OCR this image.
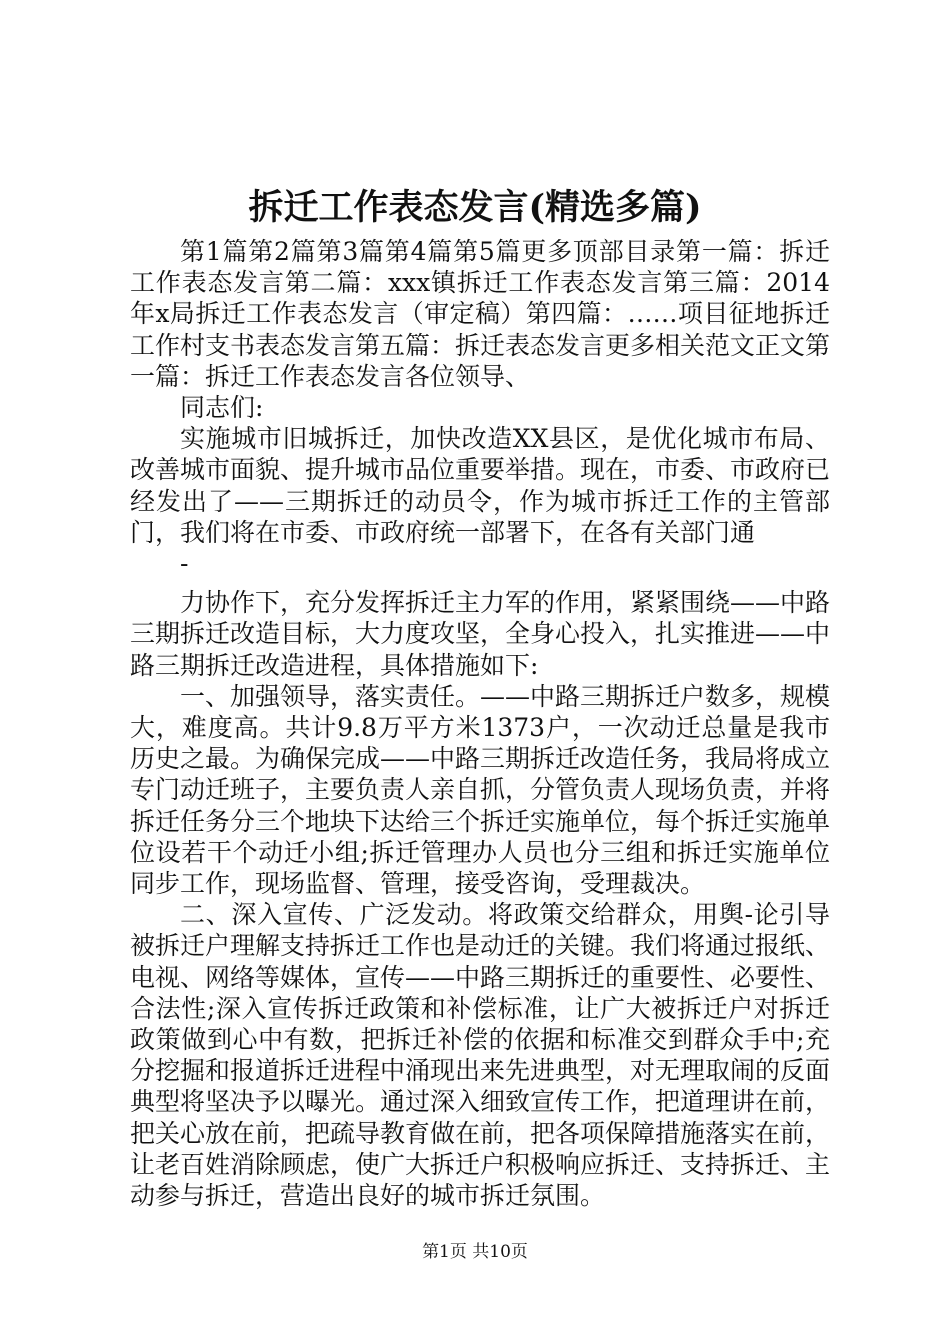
拆迁工作表态发言(精选多篇)

第1篇第2篇第3篇第4篇第5篇更多顶部目录第一篇：拆迁工作表态发言第二篇：xxx镇拆迁工作表态发言第三篇：2014年x局拆迁工作表态发言（审定稿）第四篇：……项目征地拆迁工作村支书表态发言第五篇：拆迁表态发言更多相关范文正文第一篇：拆迁工作表态发言各位领导、

同志们:

实施城市旧城拆迁，加快改造XX县区，是优化城市布局、改善城市面貌、提升城市品位重要举措。现在，市委、市政府已经发出了——三期拆迁的动员令，作为城市拆迁工作的主管部门，我们将在市委、市政府统一部署下，在各有关部门通

-

力协作下，充分发挥拆迁主力军的作用，紧紧围绕——中路三期拆迁改造目标，大力度攻坚，全身心投入，扎实推进——中路三期拆迁改造进程，具体措施如下:

一、加强领导，落实责任。——中路三期拆迁户数多，规模大，难度高。共计9.8万平方米1373户，一次动迁总量是我市历史之最。为确保完成——中路三期拆迁改造任务，我局将成立专门动迁班子，主要负责人亲自抓，分管负责人现场负责，并将拆迁任务分三个地块下达给三个拆迁实施单位，每个拆迁实施单位设若干个动迁小组;拆迁管理办人员也分三组和拆迁实施单位同步工作，现场监督、管理，接受咨询，受理裁决。

二、深入宣传、广泛发动。将政策交给群众，用舆-论引导被拆迁户理解支持拆迁工作也是动迁的关键。我们将通过报纸、电视、网络等媒体，宣传——中路三期拆迁的重要性、必要性、合法性;深入宣传拆迁政策和补偿标准，让广大被拆迁户对拆迁政策做到心中有数，把拆迁补偿的依据和标准交到群众手中;充分挖掘和报道拆迁进程中涌现出来先进典型，对无理取闹的反面典型将坚决予以曝光。通过深入细致宣传工作，把道理讲在前，把关心放在前，把疏导教育做在前，把各项保障措施落实在前，让老百姓消除顾虑，使广大拆迁户积极响应拆迁、支持拆迁、主动参与拆迁，营造出良好的城市拆迁氛围。

第1页 共10页
